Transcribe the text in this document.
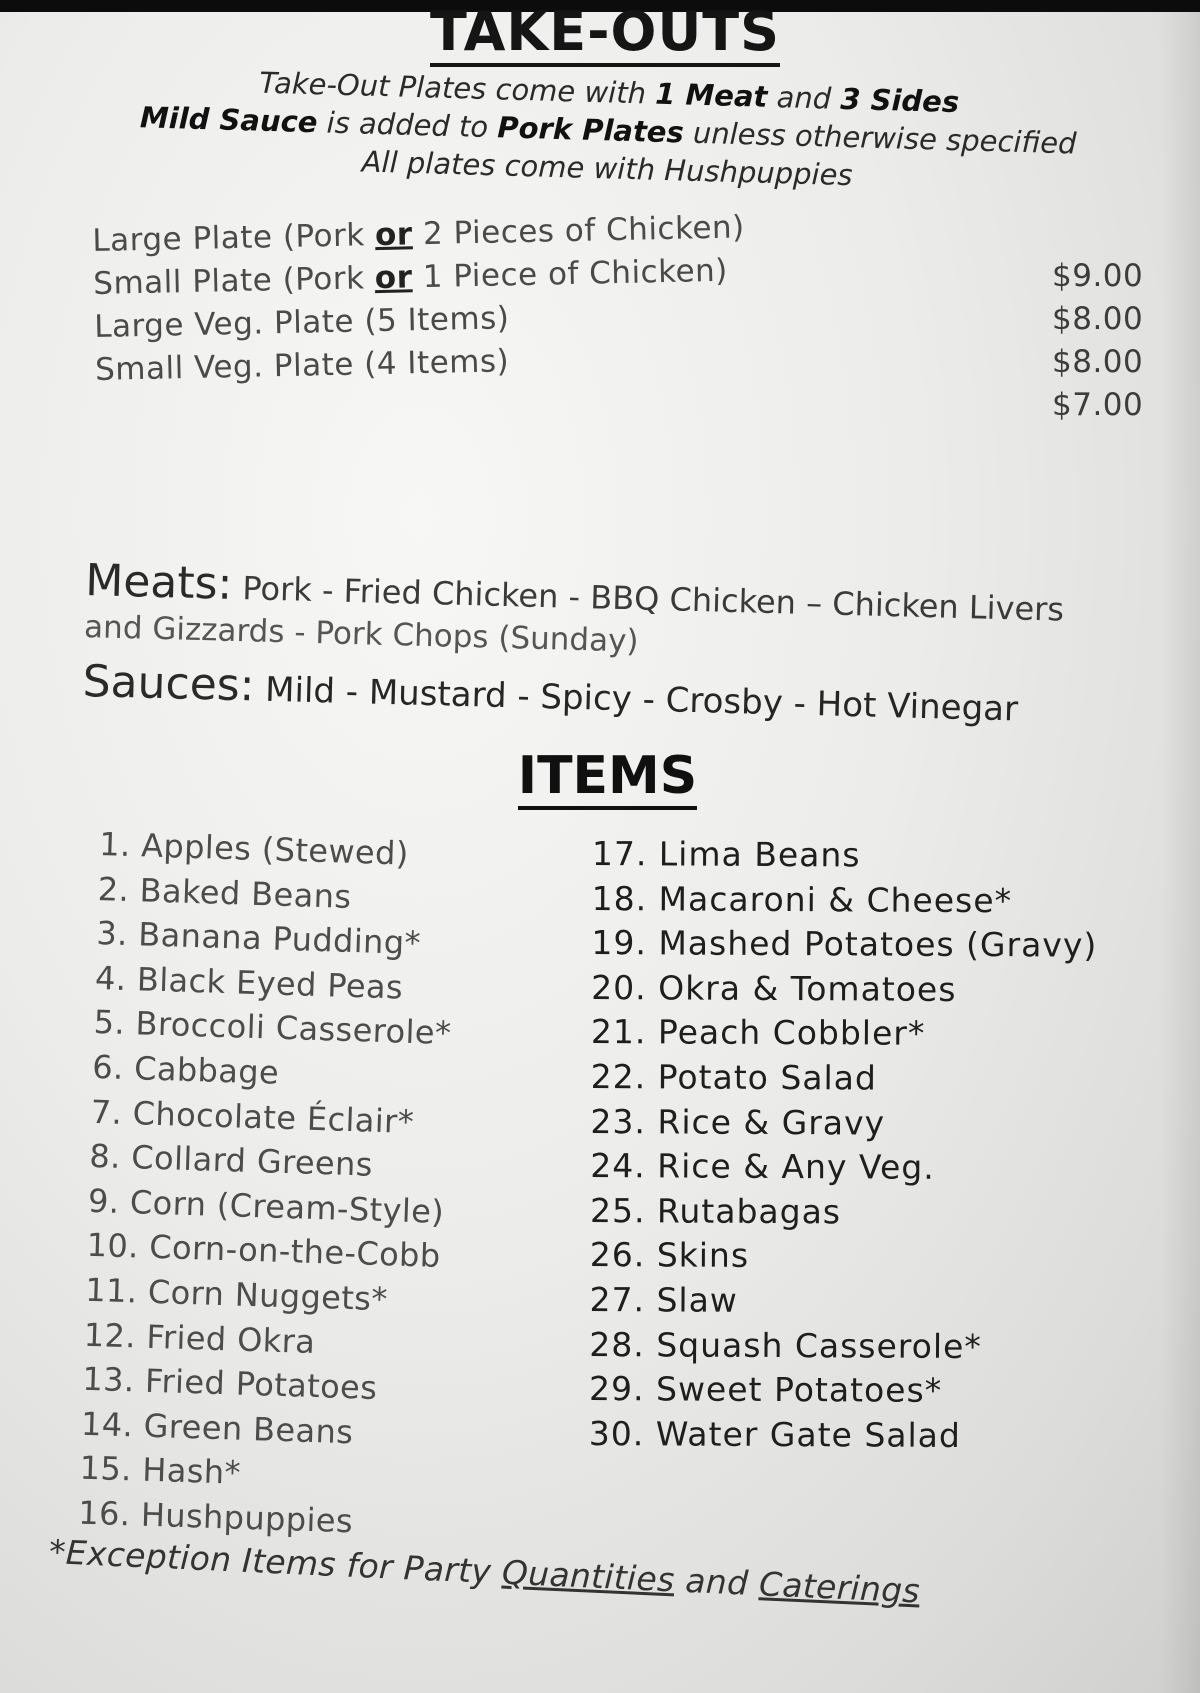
TAKE-OUTS
Take-Out Plates come with 1 Meat and 3 Sides
Mild Sauce is added to Pork Plates unless otherwise specified
All plates come with Hushpuppies
Large Plate (Pork or 2 Pieces of Chicken)
Small Plate (Pork or 1 Piece of Chicken)
Large Veg. Plate (5 Items)
Small Veg. Plate (4 Items)
$9.00
$8.00
$8.00
$7.00
Meats: Pork - Fried Chicken - BBQ Chicken – Chicken Livers
and Gizzards - Pork Chops (Sunday)
Sauces: Mild - Mustard - Spicy - Crosby - Hot Vinegar
ITEMS
1. Apples (Stewed)
2. Baked Beans
3. Banana Pudding*
4. Black Eyed Peas
5. Broccoli Casserole*
6. Cabbage
7. Chocolate Éclair*
8. Collard Greens
9. Corn (Cream-Style)
10. Corn-on-the-Cobb
11. Corn Nuggets*
12. Fried Okra
13. Fried Potatoes
14. Green Beans
15. Hash*
16. Hushpuppies
17. Lima Beans
18. Macaroni & Cheese*
19. Mashed Potatoes (Gravy)
20. Okra & Tomatoes
21. Peach Cobbler*
22. Potato Salad
23. Rice & Gravy
24. Rice & Any Veg.
25. Rutabagas
26. Skins
27. Slaw
28. Squash Casserole*
29. Sweet Potatoes*
30. Water Gate Salad
*Exception Items for Party Quantities and Caterings
